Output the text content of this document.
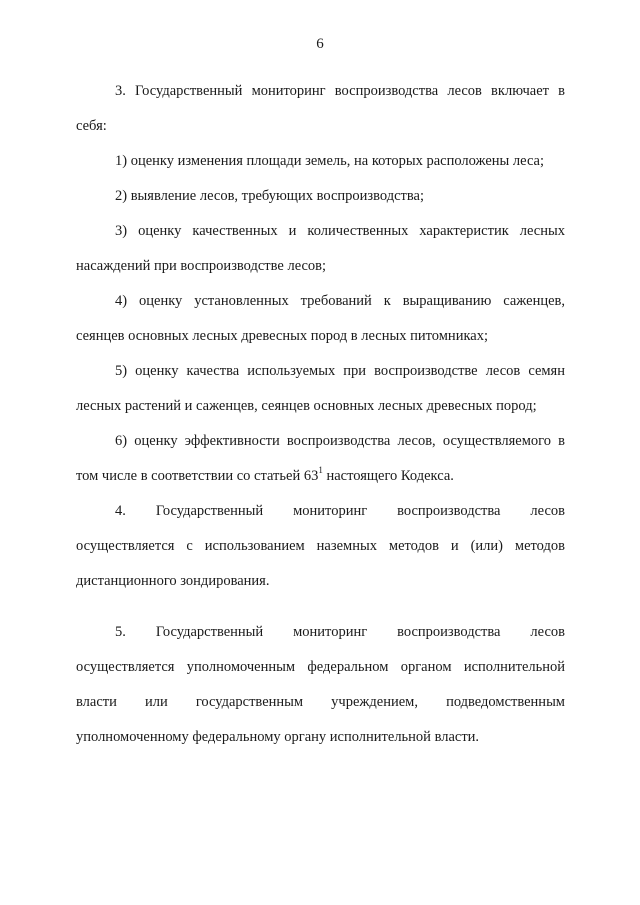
6

3. Государственный мониторинг воспроизводства лесов включает в себя:

1) оценку изменения площади земель, на которых расположены леса;

2) выявление лесов, требующих воспроизводства;

3) оценку качественных и количественных характеристик лесных насаждений при воспроизводстве лесов;

4) оценку установленных требований к выращиванию саженцев, сеянцев основных лесных древесных пород в лесных питомниках;

5) оценку качества используемых при воспроизводстве лесов семян лесных растений и саженцев, сеянцев основных лесных древесных пород;

6) оценку эффективности воспроизводства лесов, осуществляемого в том числе в соответствии со статьей $63^1$ настоящего Кодекса.

4. Государственный мониторинг воспроизводства лесов
осуществляется с использованием наземных методов и (или) методов
дистанционного зондирования.
5. Государственный мониторинг воспроизводства лесов
осуществляется уполномоченным федеральном органом исполнительной
власти или государственным учреждением, подведомственным
уполномоченному федеральному органу исполнительной власти.
